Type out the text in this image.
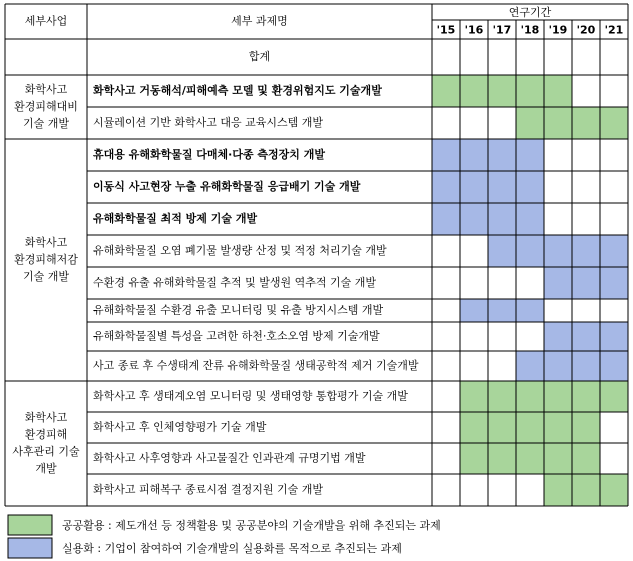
세부사업	세부 과제명
연구기간
'15 '16 '17 '18 '19 '20 '21
합계
화학사고 거동해석/피해예측 모델 및 환경위험지도 기술개발
시뮬레이션 기반 화학사고 대응 교육시스템 개발
휴대용 유해화학물질 다매체·다종 측정장치 개발
이동식 사고현장 누출 유해화학물질 응급배기 기술 개발
유해화학물질 최적 방제 기술 개발
유해화학물질 오염 폐기물 발생량 산정 및 적정 처리기술 개발
수환경 유출 유해화학물질 추적 및 발생원 역추적 기술 개발
유해화학물질 수환경 유출 모니터링 및 유출 방지시스템 개발
유해화학물질별 특성을 고려한 하천·호소오염 방제 기술개발
사고 종료 후 수생태계 잔류 유해화학물질 생태공학적 제거 기술개발
화학사고 후 생태계오염 모니터링 및 생태영향 통합평가 기술 개발
화학사고 후 인체영향평가 기술 개발
화학사고 사후영향과 사고물질간 인과관계 규명기법 개발
화학사고 피해복구 종료시점 결정지원 기술 개발
화학사고
환경피해대비
기술 개발
화학사고
환경피해저감
기술 개발
화학사고
환경피해
사후관리 기술
개발
공공활용 : 제도개선 등 정책활용 및 공공분야의 기술개발을 위해 추진되는 과제
실용화 : 기업이 참여하여 기술개발의 실용화를 목적으로 추진되는 과제
